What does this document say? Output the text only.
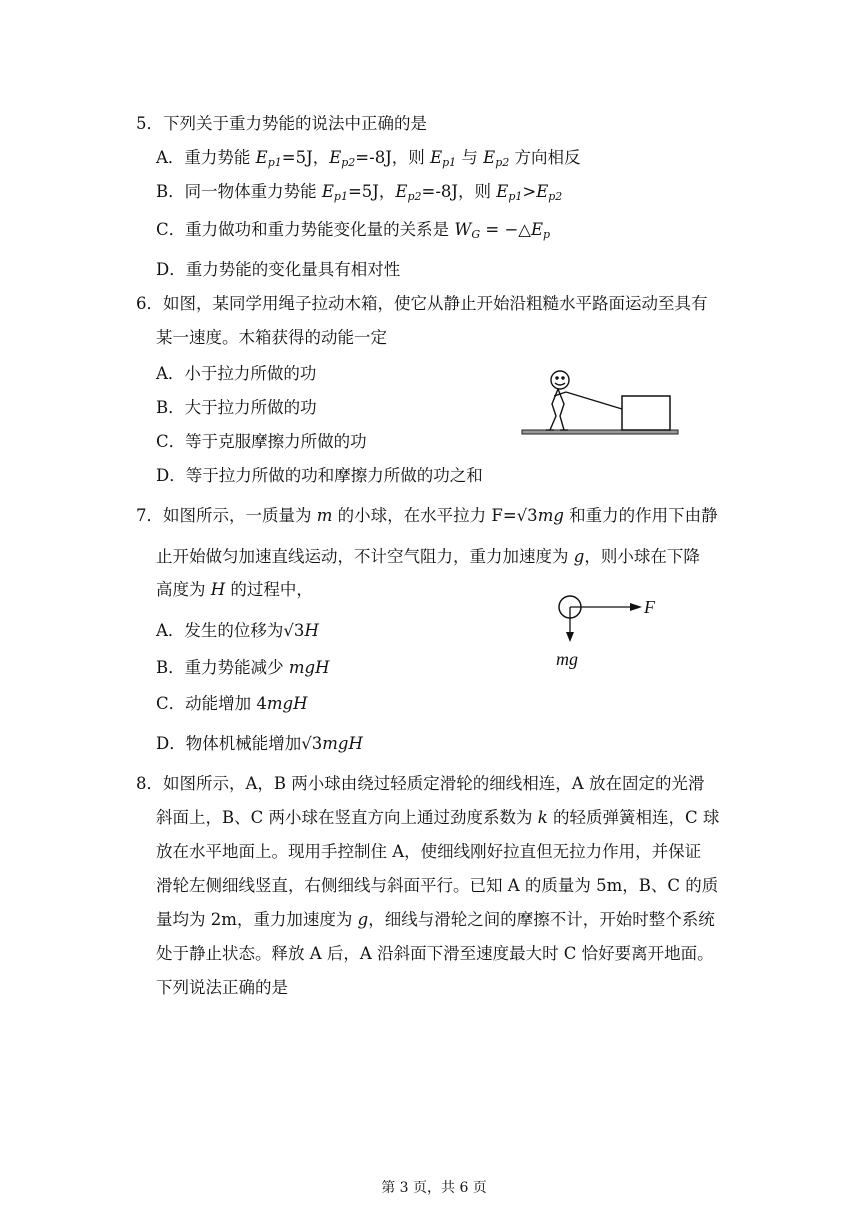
5．下列关于重力势能的说法中正确的是
A．重力势能 $E_{p1}=5J$，$E_{p2}=-8J$，则 $E_{p1}$ 与 $E_{p2}$ 方向相反
B．同一物体重力势能 $E_{p1}=5J$，$E_{p2}=-8J$，则 $E_{p1}>E_{p2}$
C．重力做功和重力势能变化量的关系是 $W_G$ = $-\triangle E_p$
D．重力势能的变化量具有相对性
6．如图，某同学用绳子拉动木箱，使它从静止开始沿粗糙水平路面运动至具有
某一速度。木箱获得的动能一定
A．小于拉力所做的功
B．大于拉力所做的功
C．等于克服摩擦力所做的功
D．等于拉力所做的功和摩擦力所做的功之和
7．如图所示，一质量为 m 的小球，在水平拉力 F=√3mg 和重力的作用下由静
止开始做匀加速直线运动，不计空气阻力，重力加速度为 g，则小球在下降
高度为 H 的过程中，
A．发生的位移为√3H
B．重力势能减少 mgH
C．动能增加 4mgH
D．物体机械能增加√3mgH
F
mg
8．如图所示，A，B 两小球由绕过轻质定滑轮的细线相连，A 放在固定的光滑
斜面上，B、C 两小球在竖直方向上通过劲度系数为 k 的轻质弹簧相连，C 球
放在水平地面上。现用手控制住 A，使细线刚好拉直但无拉力作用，并保证
滑轮左侧细线竖直，右侧细线与斜面平行。已知 A 的质量为 5m，B、C 的质
量均为 2m，重力加速度为 g，细线与滑轮之间的摩擦不计，开始时整个系统
处于静止状态。释放 A 后，A 沿斜面下滑至速度最大时 C 恰好要离开地面。
下列说法正确的是
第 3 页，共 6 页
